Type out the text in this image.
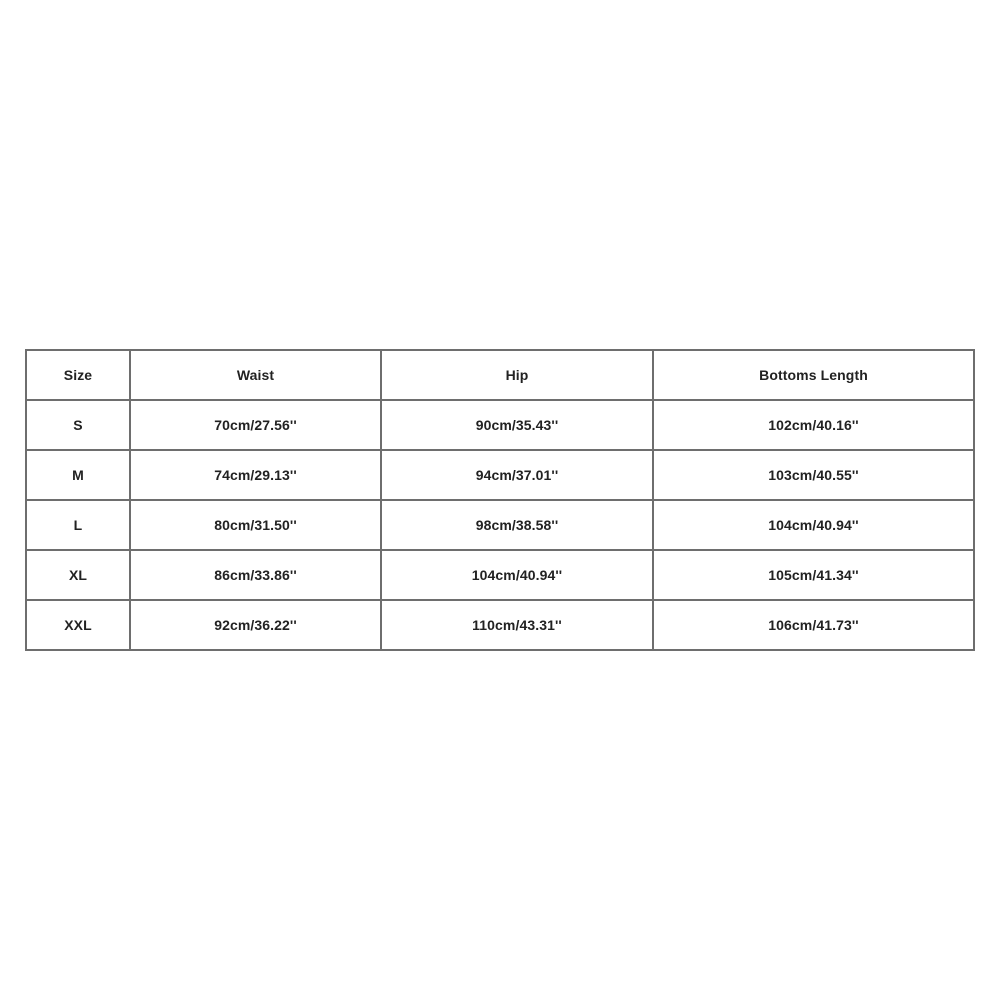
Size	Waist	Hip	Bottoms Length
S	70cm/27.56''	90cm/35.43''	102cm/40.16''
M	74cm/29.13''	94cm/37.01''	103cm/40.55''
L	80cm/31.50''	98cm/38.58''	104cm/40.94''
XL	86cm/33.86''	104cm/40.94''	105cm/41.34''
XXL	92cm/36.22''	110cm/43.31''	106cm/41.73''
